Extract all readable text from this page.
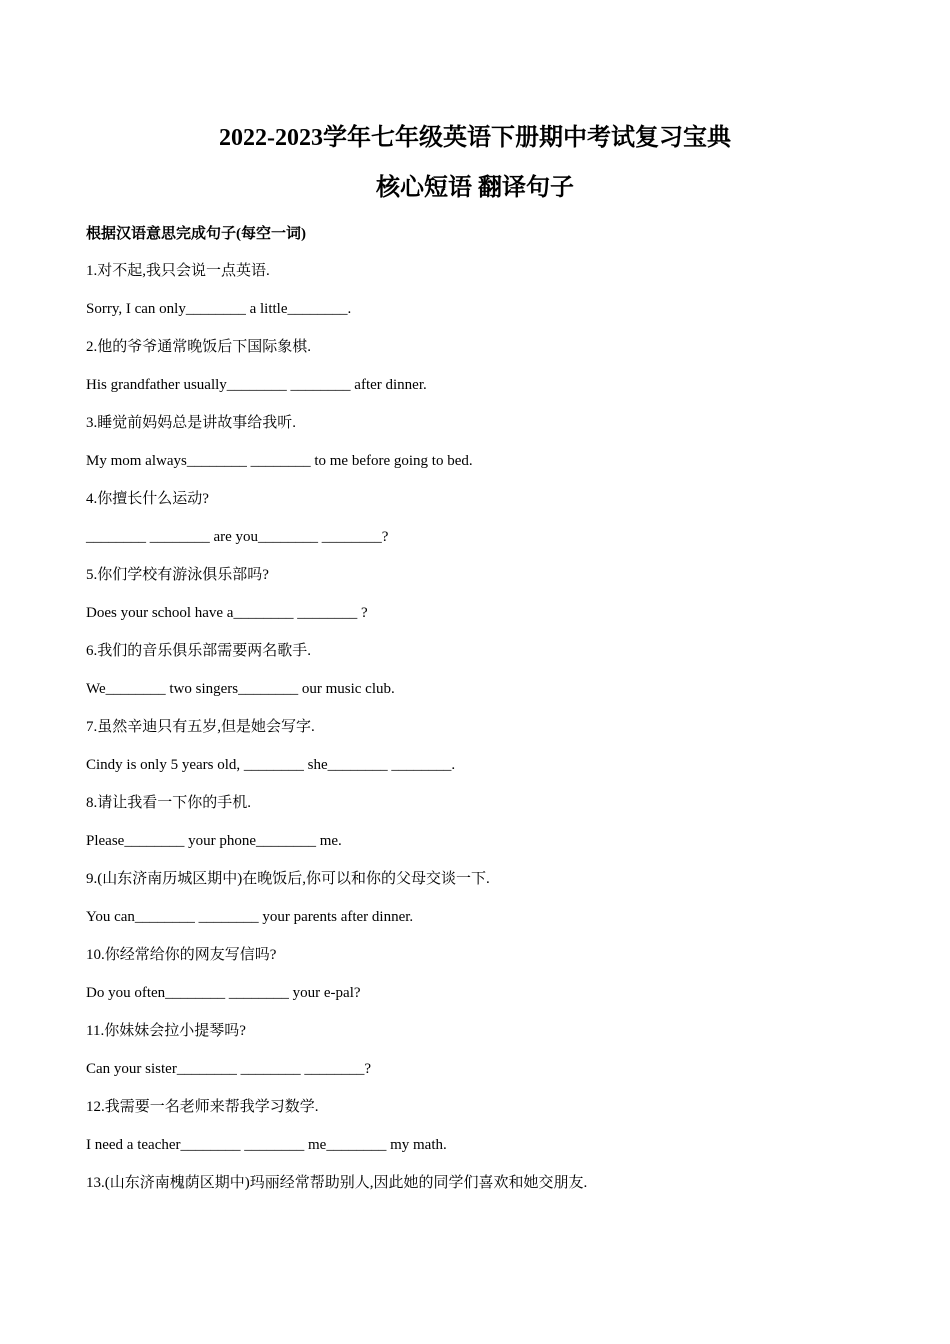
2022-2023学年七年级英语下册期中考试复习宝典
核心短语 翻译句子

根据汉语意思完成句子(每空一词)

1.对不起,我只会说一点英语.

Sorry, I can only________ a little________.

2.他的爷爷通常晚饭后下国际象棋.

His grandfather usually________ ________ after dinner.

3.睡觉前妈妈总是讲故事给我听.

My mom always________ ________ to me before going to bed.

4.你擅长什么运动?

________ ________ are you________ ________?

5.你们学校有游泳俱乐部吗?

Does your school have a________ ________ ?

6.我们的音乐俱乐部需要两名歌手.

We________ two singers________ our music club.

7.虽然辛迪只有五岁,但是她会写字.

Cindy is only 5 years old, ________ she________ ________.

8.请让我看一下你的手机.

Please________ your phone________ me.

9.(山东济南历城区期中)在晚饭后,你可以和你的父母交谈一下.

You can________ ________ your parents after dinner.

10.你经常给你的网友写信吗?

Do you often________ ________ your e-pal?

11.你妹妹会拉小提琴吗?

Can your sister________ ________ ________?

12.我需要一名老师来帮我学习数学.

I need a teacher________ ________ me________ my math.

13.(山东济南槐荫区期中)玛丽经常帮助别人,因此她的同学们喜欢和她交朋友.
